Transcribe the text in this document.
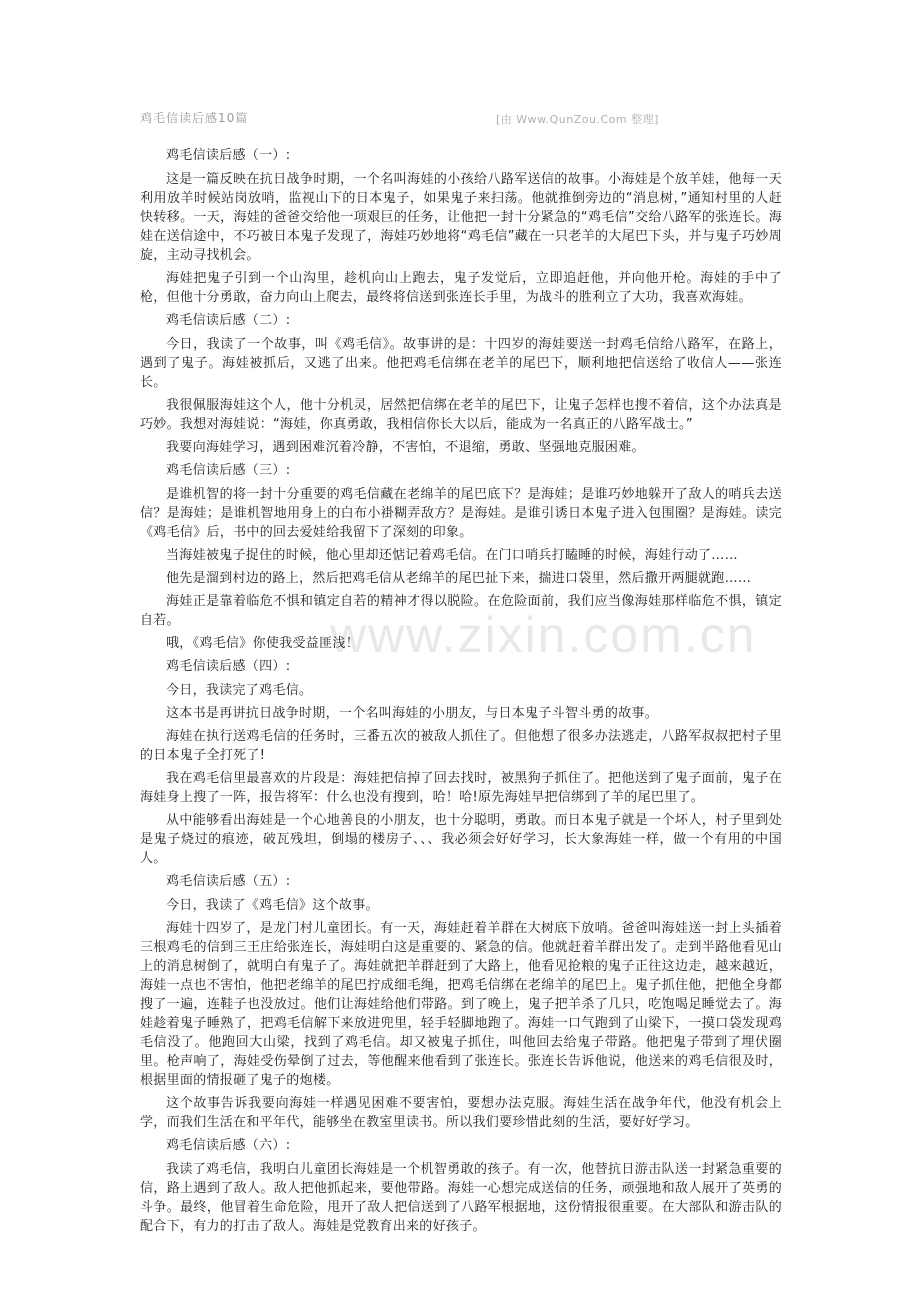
鸡毛信读后感10篇	[由 Www.QunZou.Com 整理]
www.zixin.com.cn

鸡毛信读后感（一）:

这是一篇反映在抗日战争时期，一个名叫海娃的小孩给八路军送信的故事。小海娃是个放羊娃，他每一天利用放羊时候站岗放哨，监视山下的日本鬼子，如果鬼子来扫荡。他就推倒旁边的“消息树，”通知村里的人赶快转移。一天，海娃的爸爸交给他一项艰巨的任务，让他把一封十分紧急的“鸡毛信”交给八路军的张连长。海娃在送信途中，不巧被日本鬼子发现了，海娃巧妙地将“鸡毛信”藏在一只老羊的大尾巴下头，并与鬼子巧妙周旋，主动寻找机会。

海娃把鬼子引到一个山沟里，趁机向山上跑去，鬼子发觉后，立即追赶他，并向他开枪。海娃的手中了枪，但他十分勇敢，奋力向山上爬去，最终将信送到张连长手里，为战斗的胜利立了大功，我喜欢海娃。

鸡毛信读后感（二）:

今日，我读了一个故事，叫《鸡毛信》。故事讲的是：十四岁的海娃要送一封鸡毛信给八路军，在路上，遇到了鬼子。海娃被抓后，又逃了出来。他把鸡毛信绑在老羊的尾巴下，顺利地把信送给了收信人——张连长。

我很佩服海娃这个人，他十分机灵，居然把信绑在老羊的尾巴下，让鬼子怎样也搜不着信，这个办法真是巧妙。我想对海娃说：“海娃，你真勇敢，我相信你长大以后，能成为一名真正的八路军战士。”

我要向海娃学习，遇到困难沉着冷静，不害怕，不退缩，勇敢、坚强地克服困难。

鸡毛信读后感（三）:

是谁机智的将一封十分重要的鸡毛信藏在老绵羊的尾巴底下？是海娃；是谁巧妙地躲开了敌人的哨兵去送信？是海娃；是谁机智地用身上的白布小褂糊弄敌方？是海娃。是谁引诱日本鬼子进入包围圈？是海娃。读完《鸡毛信》后，书中的回去爱娃给我留下了深刻的印象。

当海娃被鬼子捉住的时候，他心里却还惦记着鸡毛信。在门口哨兵打瞌睡的时候，海娃行动了……

他先是溜到村边的路上，然后把鸡毛信从老绵羊的尾巴扯下来，揣进口袋里，然后撒开两腿就跑……

海娃正是靠着临危不惧和镇定自若的精神才得以脱险。在危险面前，我们应当像海娃那样临危不惧，镇定自若。

哦，《鸡毛信》你使我受益匪浅！

鸡毛信读后感（四）:

今日，我读完了鸡毛信。

这本书是再讲抗日战争时期，一个名叫海娃的小朋友，与日本鬼子斗智斗勇的故事。

海娃在执行送鸡毛信的任务时，三番五次的被敌人抓住了。但他想了很多办法逃走，八路军叔叔把村子里的日本鬼子全打死了!

我在鸡毛信里最喜欢的片段是：海娃把信掉了回去找时，被黑狗子抓住了。把他送到了鬼子面前，鬼子在海娃身上搜了一阵，报告将军：什么也没有搜到，哈！哈!原先海娃早把信绑到了羊的尾巴里了。

从中能够看出海娃是一个心地善良的小朋友，也十分聪明，勇敢。而日本鬼子就是一个坏人，村子里到处是鬼子烧过的痕迹，破瓦残坦，倒塌的楼房子、、、我必须会好好学习，长大象海娃一样，做一个有用的中国人。

鸡毛信读后感（五）:

今日，我读了《鸡毛信》这个故事。

海娃十四岁了，是龙门村儿童团长。有一天，海娃赶着羊群在大树底下放哨。爸爸叫海娃送一封上头插着三根鸡毛的信到三王庄给张连长，海娃明白这是重要的、紧急的信。他就赶着羊群出发了。走到半路他看见山上的消息树倒了，就明白有鬼子了。海娃就把羊群赶到了大路上，他看见抢粮的鬼子正往这边走，越来越近，海娃一点也不害怕，他把老绵羊的尾巴拧成细毛绳，把鸡毛信绑在老绵羊的尾巴上。鬼子抓住他，把他全身都搜了一遍，连鞋子也没放过。他们让海娃给他们带路。到了晚上，鬼子把羊杀了几只，吃饱喝足睡觉去了。海娃趁着鬼子睡熟了，把鸡毛信解下来放进兜里，轻手轻脚地跑了。海娃一口气跑到了山梁下，一摸口袋发现鸡毛信没了。他跑回大山梁，找到了鸡毛信。却又被鬼子抓住，叫他回去给鬼子带路。他把鬼子带到了埋伏圈里。枪声响了，海娃受伤晕倒了过去，等他醒来他看到了张连长。张连长告诉他说，他送来的鸡毛信很及时，根据里面的情报砸了鬼子的炮楼。

这个故事告诉我要向海娃一样遇见困难不要害怕，要想办法克服。海娃生活在战争年代，他没有机会上学，而我们生活在和平年代，能够坐在教室里读书。所以我们要珍惜此刻的生活，要好好学习。

鸡毛信读后感（六）:

我读了鸡毛信，我明白儿童团长海娃是一个机智勇敢的孩子。有一次，他替抗日游击队送一封紧急重要的信，路上遇到了敌人。敌人把他抓起来，要他带路。海娃一心想完成送信的任务，顽强地和敌人展开了英勇的斗争。最终，他冒着生命危险，甩开了敌人把信送到了八路军根据地，这份情报很重要。在大部队和游击队的配合下，有力的打击了敌人。海娃是党教育出来的好孩子。
